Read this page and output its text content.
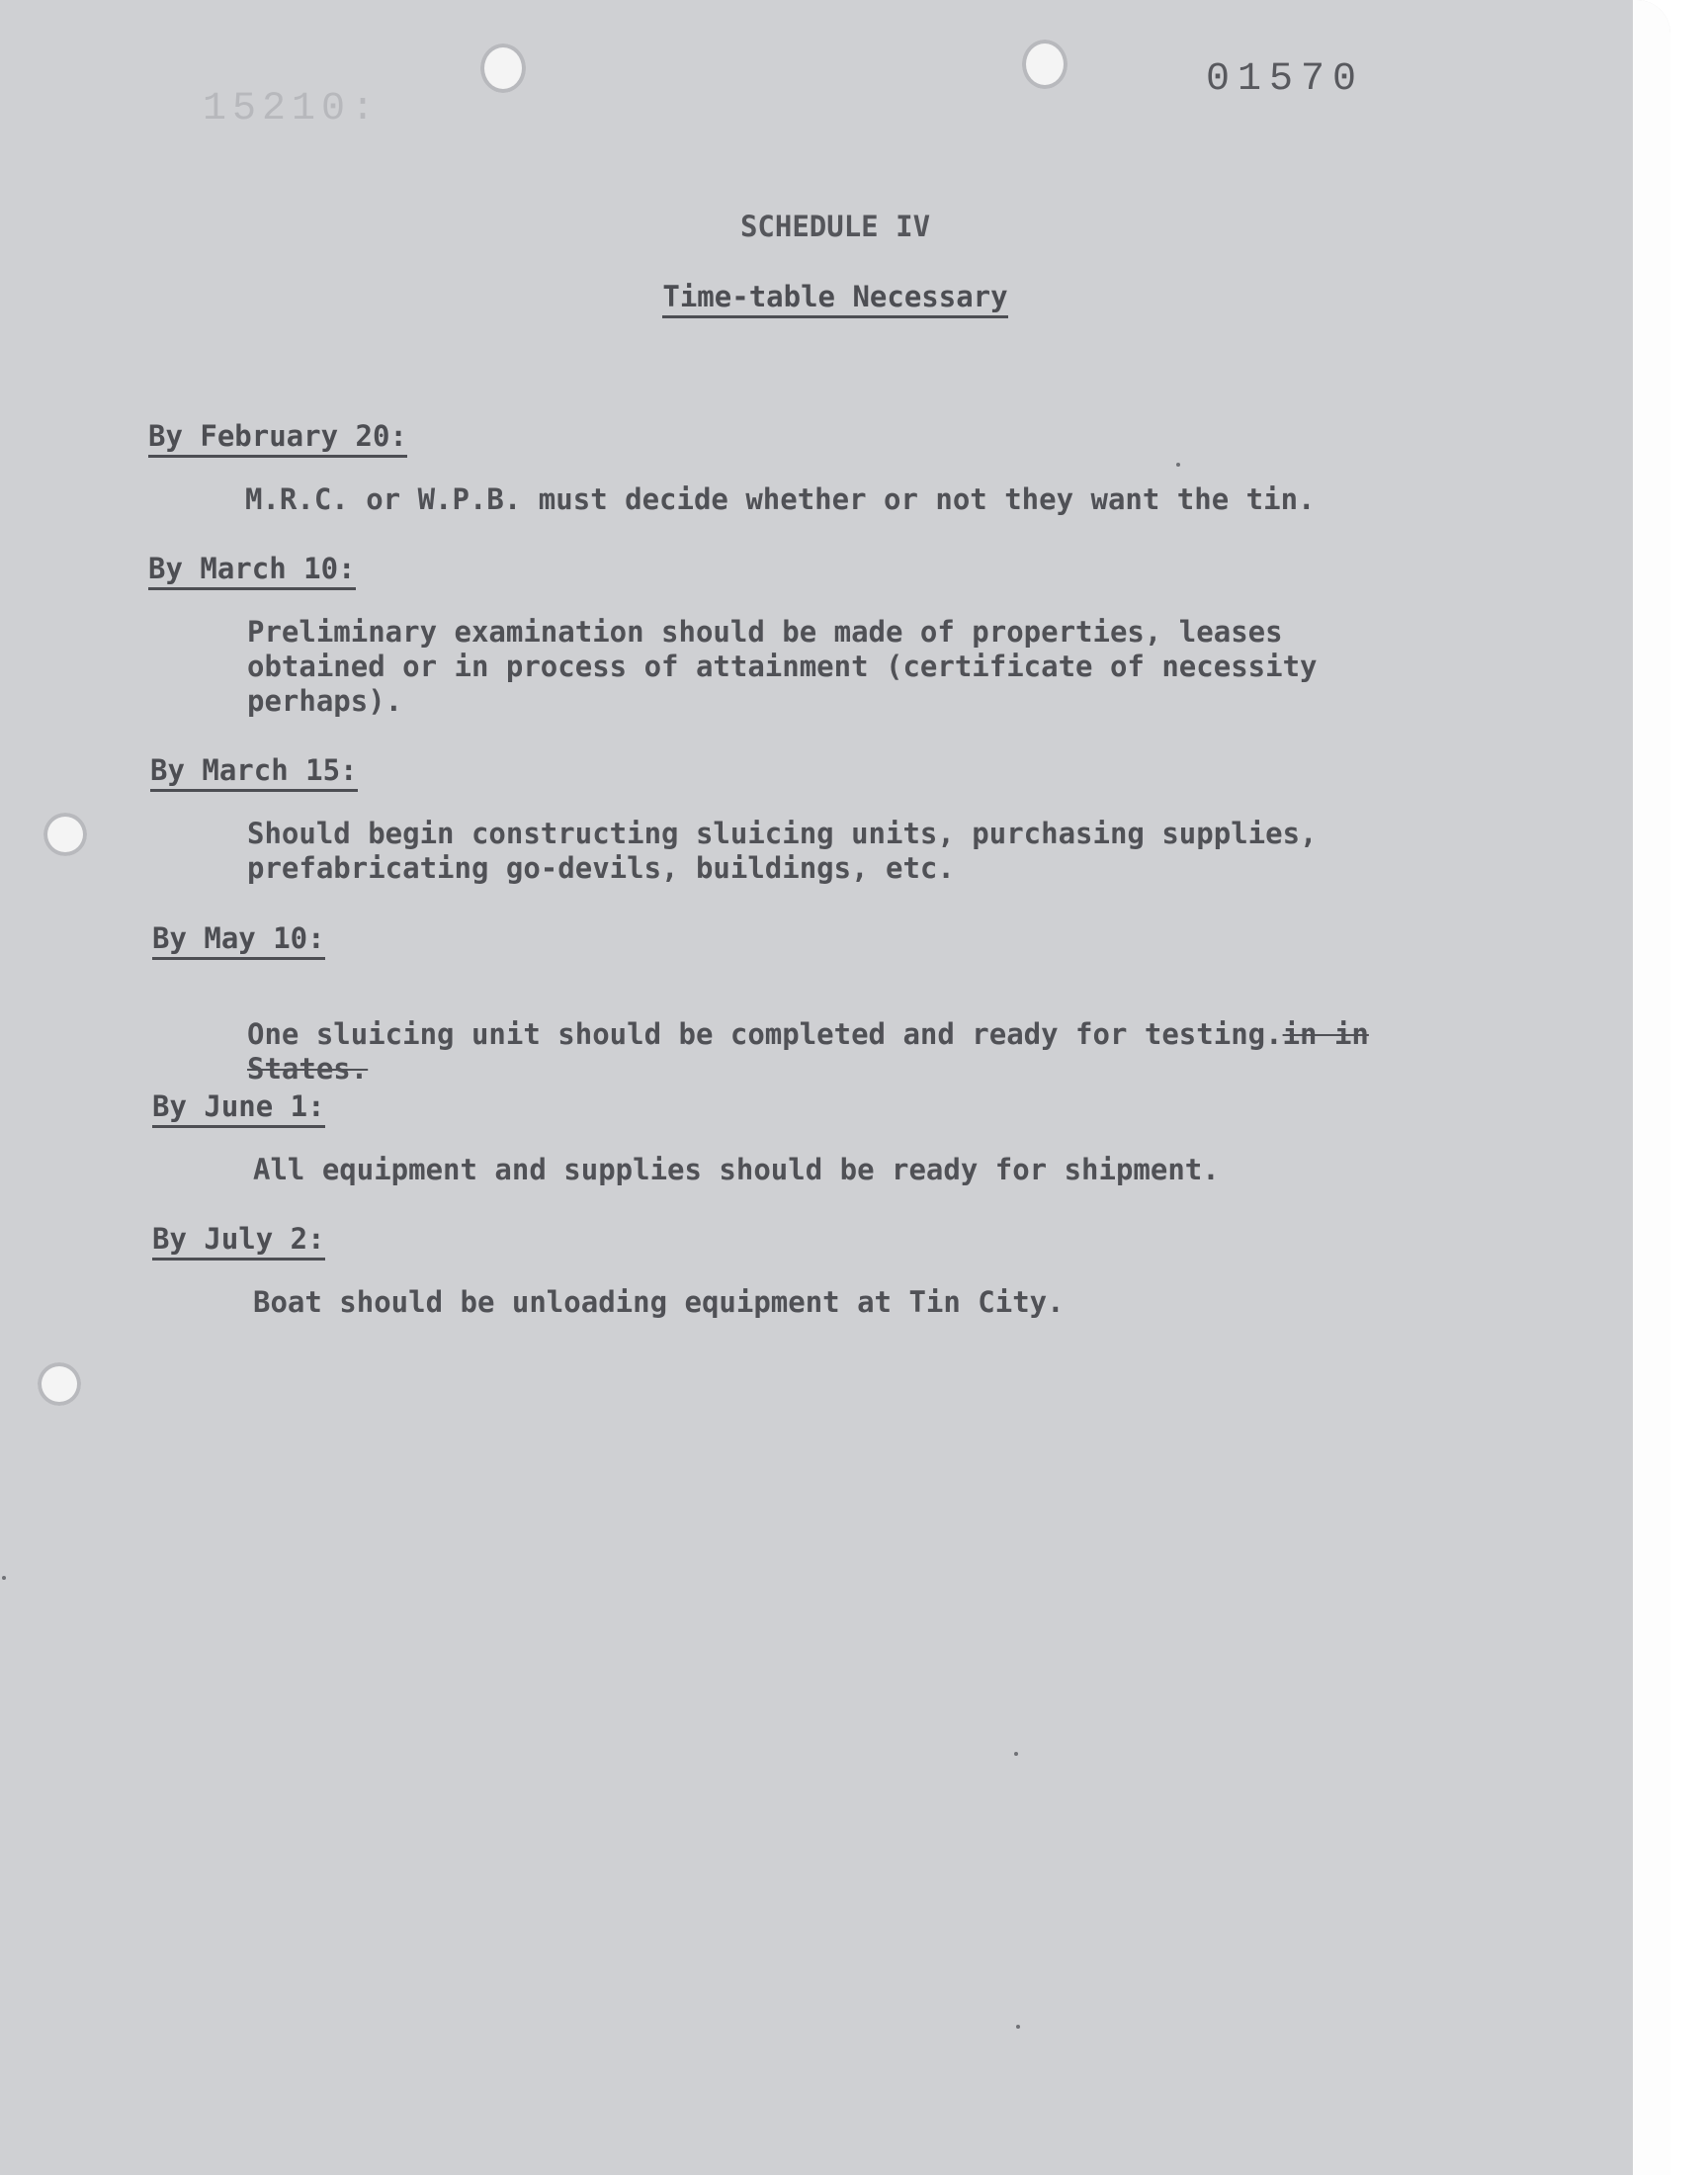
15210:
01570
SCHEDULE IV
Time-table Necessary
By February 20:
M.R.C. or W.P.B. must decide whether or not they want the tin.
By March 10:
Preliminary examination should be made of properties, leases
obtained or in process of attainment (certificate of necessity
perhaps).
By March 15:
Should begin constructing sluicing units, purchasing supplies,
prefabricating go-devils, buildings, etc.
By May 10:

One sluicing unit should be completed and ready for testing.in in States.

By June 1:
All equipment and supplies should be ready for shipment.
By July 2:
Boat should be unloading equipment at Tin City.
